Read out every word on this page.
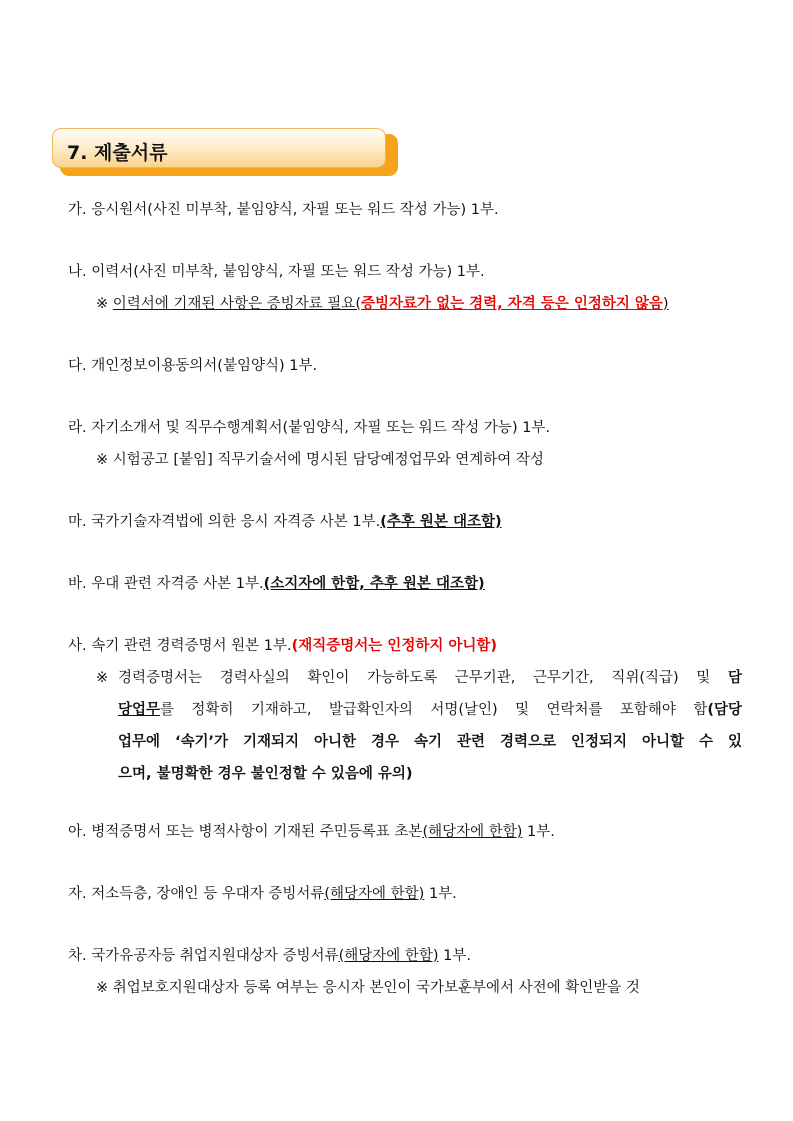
7. 제출서류
가. 응시원서(사진 미부착, 붙임양식, 자필 또는 워드 작성 가능) 1부.
나. 이력서(사진 미부착, 붙임양식, 자필 또는 워드 작성 가능) 1부.
※ 이력서에 기재된 사항은 증빙자료 필요(증빙자료가 없는 경력, 자격 등은 인정하지 않음)
다. 개인정보이용동의서(붙임양식) 1부.
라. 자기소개서 및 직무수행계획서(붙임양식, 자필 또는 워드 작성 가능) 1부.
※ 시험공고 [붙임] 직무기술서에 명시된 담당예정업무와 연계하여 작성
마. 국가기술자격법에 의한 응시 자격증 사본 1부.(추후 원본 대조함)
바. 우대 관련 자격증 사본 1부.(소지자에 한함, 추후 원본 대조함)
사. 속기 관련 경력증명서 원본 1부.(재직증명서는 인정하지 아니함)
※ 경력증명서는 경력사실의 확인이 가능하도록 근무기관, 근무기간, 직위(직급) 및 담
당업무를 정확히 기재하고, 발급확인자의 서명(날인) 및 연락처를 포함해야 함(담당
업무에 ‘속기’가 기재되지 아니한 경우 속기 관련 경력으로 인정되지 아니할 수 있
으며, 불명확한 경우 불인정할 수 있음에 유의)
아. 병적증명서 또는 병적사항이 기재된 주민등록표 초본(해당자에 한함) 1부.
자. 저소득층, 장애인 등 우대자 증빙서류(해당자에 한함) 1부.
차. 국가유공자등 취업지원대상자 증빙서류(해당자에 한함) 1부.
※ 취업보호지원대상자 등록 여부는 응시자 본인이 국가보훈부에서 사전에 확인받을 것
